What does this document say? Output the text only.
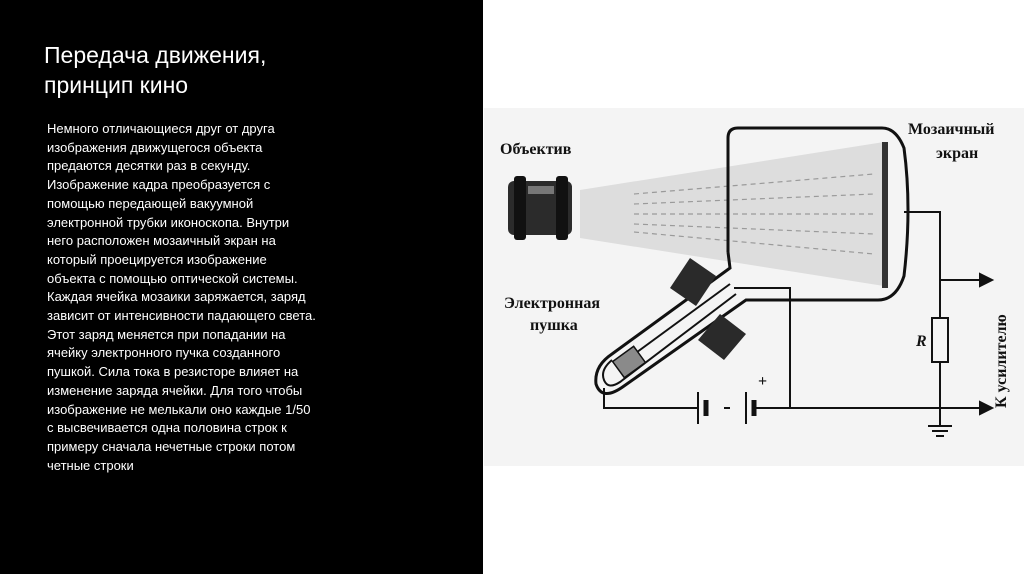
Передача движения,
принцип кино
Немного отличающиеся друг от друга
изображения движущегося объекта
предаются десятки раз в секунду.
Изображение кадра преобразуется с
помощью передающей вакуумной
электронной трубки иконоскопа. Внутри
него расположен мозаичный экран на
который проецируется изображение
объекта с помощью оптической системы.
Каждая ячейка мозаики заряжается, заряд
зависит от интенсивности падающего света.
Этот заряд меняется при попадании на
ячейку электронного пучка созданного
пушкой. Сила тока в резисторе влияет на
изменение заряда ячейки. Для того чтобы
изображение не мелькали оно каждые 1/50
с высвечивается одна половина строк к
примеру сначала нечетные строки потом
четные строки
+
R
Объектив
Мозаичный
экран
Электронная
пушка	К усилителю
